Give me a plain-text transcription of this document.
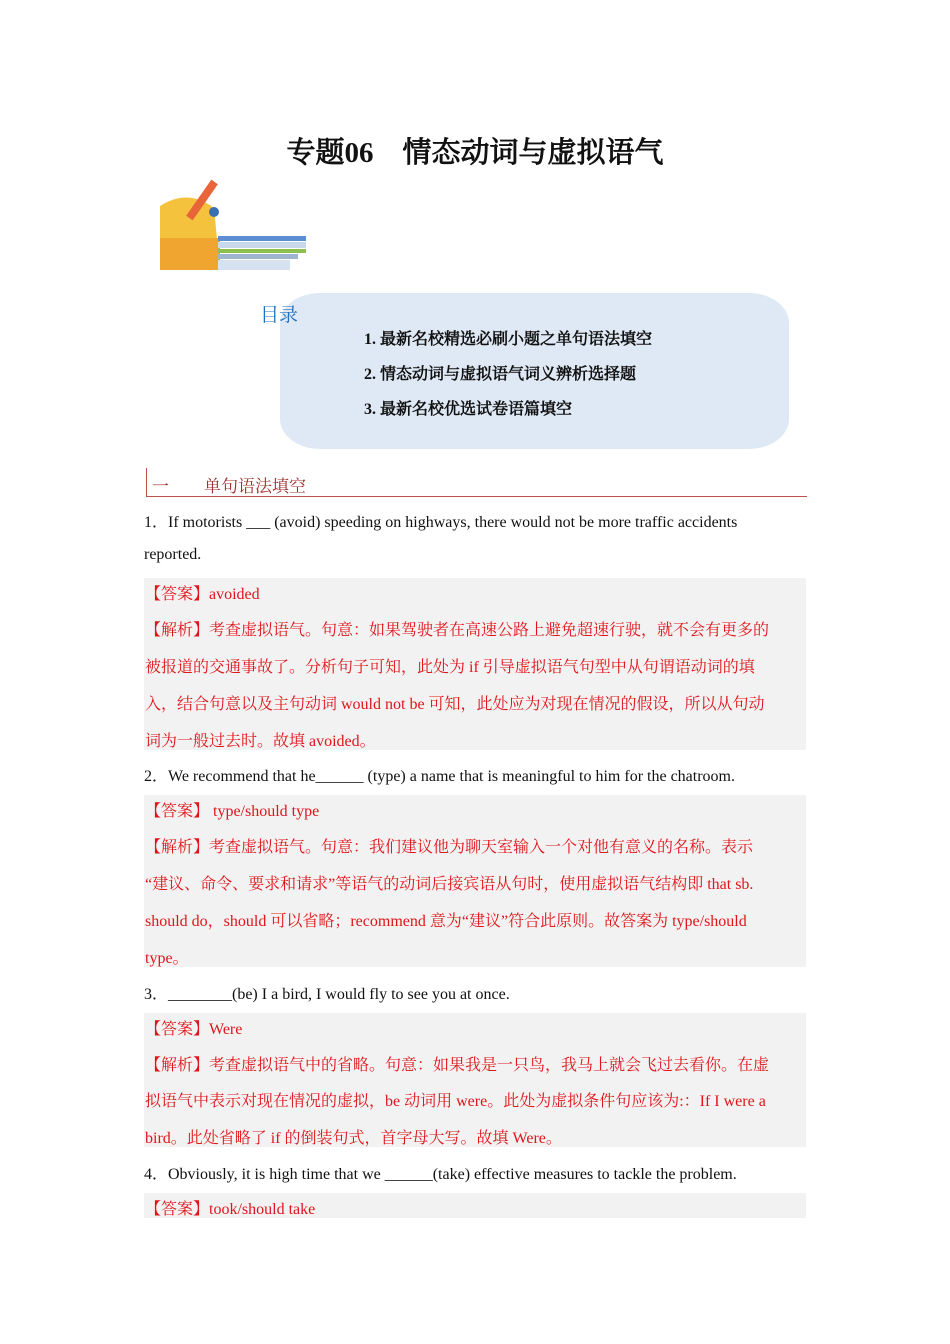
专题06　情态动词与虚拟语气
目录
1. 最新名校精选必刷小题之单句语法填空
2. 情态动词与虚拟语气词义辨析选择题
3. 最新名校优选试卷语篇填空
一 单句语法填空
1．If motorists ___ (avoid) speeding on highways, there would not be more traffic accidents
reported.
【答案】avoided
【解析】考查虚拟语气。句意：如果驾驶者在高速公路上避免超速行驶，就不会有更多的
被报道的交通事故了。分析句子可知，此处为 if 引导虚拟语气句型中从句谓语动词的填
入，结合句意以及主句动词 would not be 可知，此处应为对现在情况的假设，所以从句动
词为一般过去时。故填 avoided。
2．We recommend that he______ (type) a name that is meaningful to him for the chatroom.
【答案】 type/should type
【解析】考查虚拟语气。句意：我们建议他为聊天室输入一个对他有意义的名称。表示
“建议、命令、要求和请求”等语气的动词后接宾语从句时，使用虚拟语气结构即 that sb.
should do，should 可以省略；recommend 意为“建议”符合此原则。故答案为 type/should
type。
3．________(be) I a bird, I would fly to see you at once.
【答案】Were
【解析】考查虚拟语气中的省略。句意：如果我是一只鸟，我马上就会飞过去看你。在虚
拟语气中表示对现在情况的虚拟，be 动词用 were。此处为虚拟条件句应该为:：If I were a
bird。此处省略了 if 的倒装句式，首字母大写。故填 Were。
4．Obviously, it is high time that we ______(take) effective measures to tackle the problem.
【答案】took/should take
